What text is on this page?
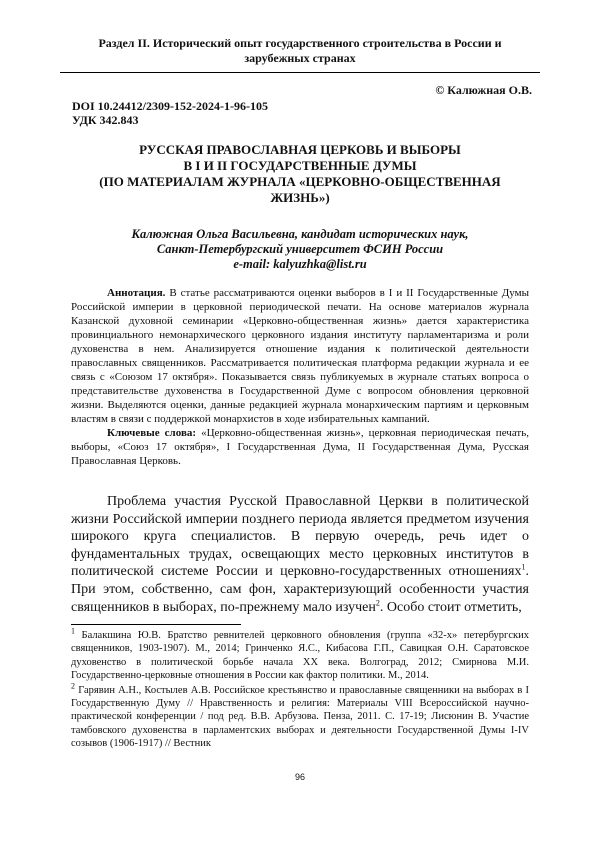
Раздел II. Исторический опыт государственного строительства в России и
зарубежных странах
© Калюжная О.В.
DOI 10.24412/2309-152-2024-1-96-105
УДК 342.843
РУССКАЯ ПРАВОСЛАВНАЯ ЦЕРКОВЬ И ВЫБОРЫ
В I И II ГОСУДАРСТВЕННЫЕ ДУМЫ
(ПО МАТЕРИАЛАМ ЖУРНАЛА «ЦЕРКОВНО-ОБЩЕСТВЕННАЯ
ЖИЗНЬ»)
Калюжная Ольга Васильевна, кандидат исторических наук,
Санкт-Петербургский университет ФСИН России
e-mail: kalyuzhka@list.ru

Аннотация. В статье рассматриваются оценки выборов в I и II Государственные Думы Российской империи в церковной периодической печати. На основе материалов журнала Казанской духовной семинарии «Церковно-общественная жизнь» дается характеристика провинциального немонархического церковного издания институту парламентаризма и роли духовенства в нем. Анализируется отношение издания к политической деятельности православных священников. Рассматривается политическая платформа редакции журнала и ее связь с «Союзом 17 октября». Показывается связь публикуемых в журнале статьях вопроса о представительстве духовенства в Государственной Думе с вопросом обновления церковной жизни. Выделяются оценки, данные редакцией журнала монархическим партиям и церковным властям в связи с поддержкой монархистов в ходе избирательных кампаний.

Ключевые слова: «Церковно-общественная жизнь», церковная периодическая печать, выборы, «Союз 17 октября», I Государственная Дума, II Государственная Дума, Русская Православная Церковь.

Проблема участия Русской Православной Церкви в политической жизни Российской империи позднего периода является предметом изучения широкого круга специалистов. В первую очередь, речь идет о фундаментальных трудах, освещающих место церковных институтов в политической системе России и церковно-государственных отношениях$^1$. При этом, собственно, сам фон, характеризующий особенности участия священников в выборах, по-прежнему мало изучен$^2$. Особо стоит отметить,

$^1$ Балакшина Ю.В. Братство ревнителей церковного обновления (группа «32-х» петербургских священников, 1903-1907). М., 2014; Гринченко Я.С., Кибасова Г.П., Савицкая О.Н. Саратовское духовенство в политической борьбе начала XX века. Волгоград, 2012; Смирнова М.И. Государственно-церковные отношения в России как фактор политики. М., 2014.

$^2$ Гарявин А.Н., Костылев А.В. Российское крестьянство и православные священники на выборах в I Государственную Думу // Нравственность и религия: Материалы VIII Всероссийской научно-практической конференции / под ред. В.В. Арбузова. Пенза, 2011. С. 17-19; Лисюнин В. Участие тамбовского духовенства в парламентских выборах и деятельности Государственной Думы I-IV созывов (1906-1917) // Вестник

96
